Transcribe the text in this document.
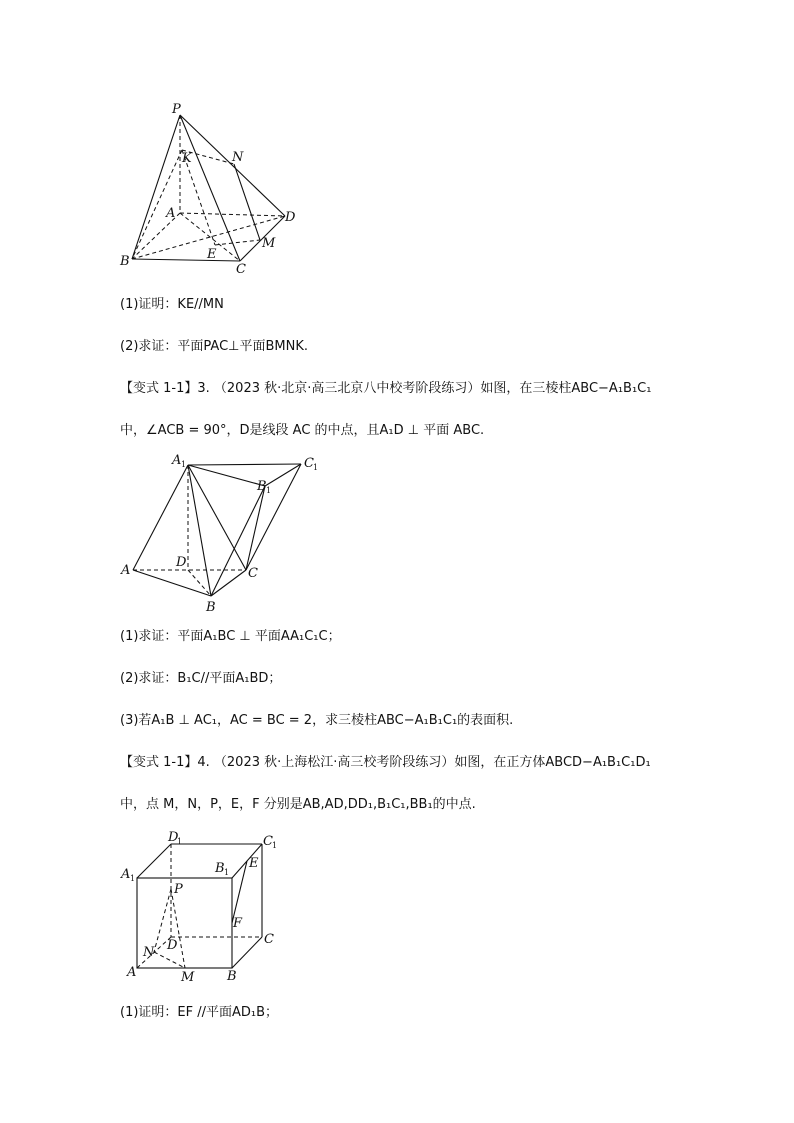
P
K	N
A	D
M
B	E
C
(1)证明：KE//MN
(2)求证：平面PAC⊥平面BMNK.
【变式 1-1】3. （2023 秋·北京·高三北京八中校考阶段练习）如图，在三棱柱ABC−A₁B₁C₁
中，∠ACB = 90°，D是线段 AC 的中点，且A₁D ⊥ 平面 ABC.
A 1	C 1
B 1
A
D
C
B
(1)求证：平面A₁BC ⊥ 平面AA₁C₁C；
(2)求证：B₁C//平面A₁BD；
(3)若A₁B ⊥ AC₁，AC = BC = 2，求三棱柱ABC−A₁B₁C₁的表面积.
【变式 1-1】4. （2023 秋·上海松江·高三校考阶段练习）如图，在正方体ABCD−A₁B₁C₁D₁
中，点 M，N，P，E，F 分别是AB,AD,DD₁,B₁C₁,BB₁的中点.
D
1	C 1
A 1
B 1
E
P
F
N D	C
A	M	B
(1)证明：EF //平面AD₁B；
